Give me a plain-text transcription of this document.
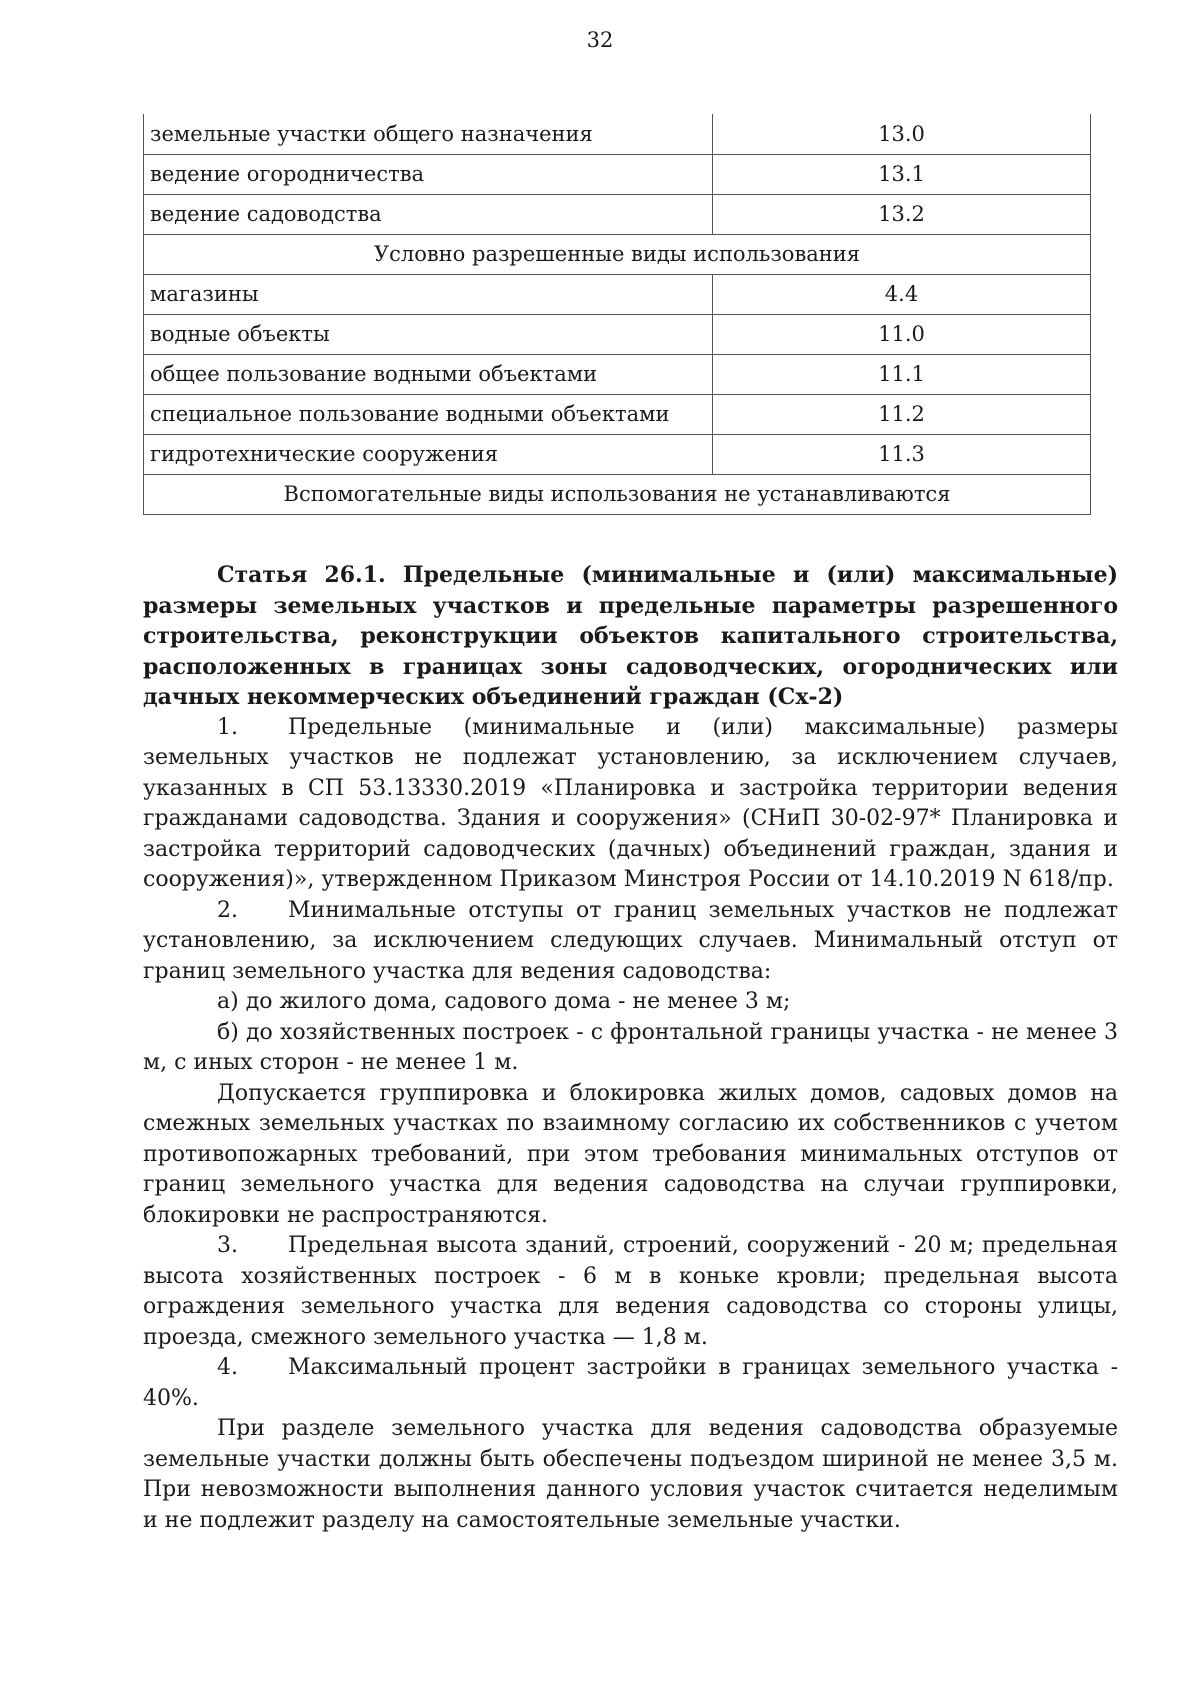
32
земельные участки общего назначения	13.0
ведение огородничества	13.1
ведение садоводства	13.2
Условно разрешенные виды использования	
магазины	4.4
водные объекты	11.0
общее пользование водными объектами	11.1
специальное пользование водными объектами	11.2
гидротехнические сооружения	11.3
Вспомогательные виды использования не устанавливаются	

Статья 26.1. Предельные (минимальные и (или) максимальные) размеры земельных участков и предельные параметры разрешенного строительства, реконструкции объектов капитального строительства, расположенных в границах зоны садоводческих, огороднических или дачных некоммерческих объединений граждан (Сх-2)

1. Предельные (минимальные и (или) максимальные) размеры земельных участков не подлежат установлению, за исключением случаев, указанных в СП 53.13330.2019 «Планировка и застройка территории ведения гражданами садоводства. Здания и сооружения» (СНиП 30-02-97* Планировка и застройка территорий садоводческих (дачных) объединений граждан, здания и сооружения)», утвержденном Приказом Минстроя России от 14.10.2019 N 618/пр.

2. Минимальные отступы от границ земельных участков не подлежат установлению, за исключением следующих случаев. Минимальный отступ от границ земельного участка для ведения садоводства:

а) до жилого дома, садового дома - не менее 3 м;

б) до хозяйственных построек - с фронтальной границы участка - не менее 3 м, с иных сторон - не менее 1 м.

Допускается группировка и блокировка жилых домов, садовых домов на смежных земельных участках по взаимному согласию их собственников с учетом противопожарных требований, при этом требования минимальных отступов от границ земельного участка для ведения садоводства на случаи группировки, блокировки не распространяются.

3. Предельная высота зданий, строений, сооружений - 20 м; предельная высота хозяйственных построек - 6 м в коньке кровли; предельная высота ограждения земельного участка для ведения садоводства со стороны улицы, проезда, смежного земельного участка — 1,8 м.

4. Максимальный процент застройки в границах земельного участка - 40%.

При разделе земельного участка для ведения садоводства образуемые земельные участки должны быть обеспечены подъездом шириной не менее 3,5 м. При невозможности выполнения данного условия участок считается неделимым и не подлежит разделу на самостоятельные земельные участки.
